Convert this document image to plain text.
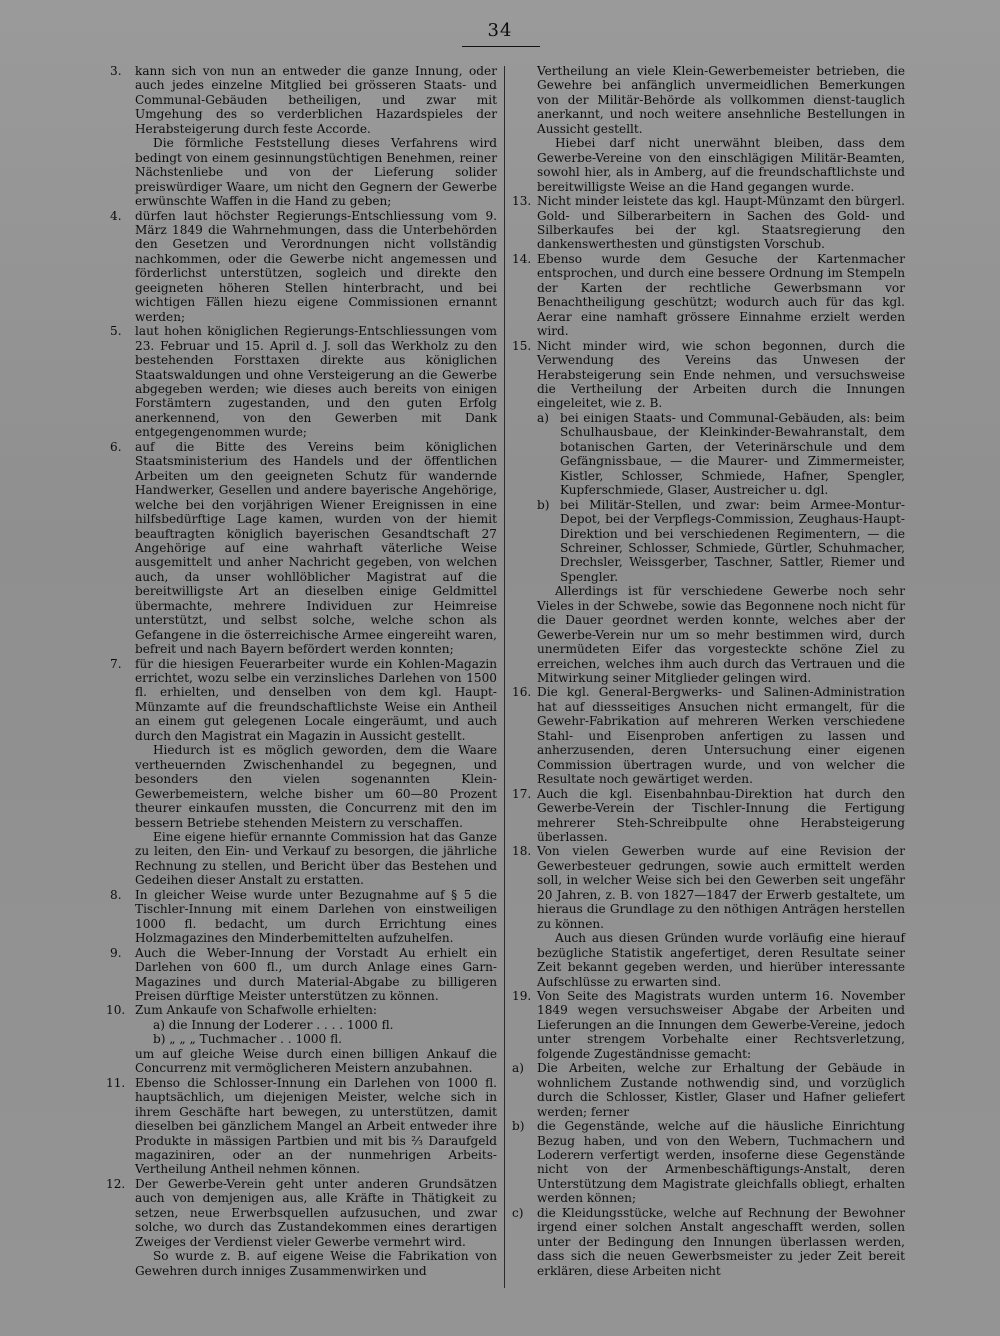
34
3.	kann sich von nun an entweder die ganze Innung, oder auch jedes einzelne Mitglied bei grösseren Staats- und Communal-Gebäuden betheiligen, und zwar mit Umgehung des so verderblichen Hazardspieles der Herabsteigerung durch feste Accorde.

Die förmliche Feststellung dieses Verfahrens wird bedingt von einem gesinnungstüchtigen Benehmen, reiner Nächstenliebe und von der Lieferung solider preiswürdiger Waare, um nicht den Gegnern der Gewerbe erwünschte Waffen in die Hand zu geben;

4.	dürfen laut höchster Regierungs-Entschliessung vom 9. März 1849 die Wahrnehmungen, dass die Unterbehörden den Gesetzen und Verordnungen nicht vollständig nachkommen, oder die Gewerbe nicht angemessen und förderlichst unterstützen, sogleich und direkte den geeigneten höheren Stellen hinterbracht, und bei wichtigen Fällen hiezu eigene Commissionen ernannt werden;

5.	laut hohen königlichen Regierungs-Entschliessungen vom 23. Februar und 15. April d. J. soll das Werkholz zu den bestehenden Forsttaxen direkte aus königlichen Staatswaldungen und ohne Versteigerung an die Gewerbe abgegeben werden; wie dieses auch bereits von einigen Forstämtern zugestanden, und den guten Erfolg anerkennend, von den Gewerben mit Dank entgegengenommen wurde;

6.	auf die Bitte des Vereins beim königlichen Staatsministerium des Handels und der öffentlichen Arbeiten um den geeigneten Schutz für wandernde Handwerker, Gesellen und andere bayerische Angehörige, welche bei den vorjährigen Wiener Ereignissen in eine hilfsbedürftige Lage kamen, wurden von der hiemit beauftragten königlich bayerischen Gesandtschaft 27 Angehörige auf eine wahrhaft väterliche Weise ausgemittelt und anher Nachricht gegeben, von welchen auch, da unser wohllöblicher Magistrat auf die bereitwilligste Art an dieselben einige Geldmittel übermachte, mehrere Individuen zur Heimreise unterstützt, und selbst solche, welche schon als Gefangene in die österreichische Armee eingereiht waren, befreit und nach Bayern befördert werden konnten;

7.	für die hiesigen Feuerarbeiter wurde ein Kohlen-Magazin errichtet, wozu selbe ein verzinsliches Darlehen von 1500 fl. erhielten, und denselben von dem kgl. Haupt-Münzamte auf die freundschaftlichste Weise ein Antheil an einem gut gelegenen Locale eingeräumt, und auch durch den Magistrat ein Magazin in Aussicht gestellt.

Hiedurch ist es möglich geworden, dem die Waare vertheuernden Zwischenhandel zu begegnen, und besonders den vielen sogenannten Klein-Gewerbemeistern, welche bisher um 60—80 Prozent theurer einkaufen mussten, die Concurrenz mit den im bessern Betriebe stehenden Meistern zu verschaffen.

Eine eigene hiefür ernannte Commission hat das Ganze zu leiten, den Ein- und Verkauf zu besorgen, die jährliche Rechnung zu stellen, und Bericht über das Bestehen und Gedeihen dieser Anstalt zu erstatten.

8.	In gleicher Weise wurde unter Bezugnahme auf § 5 die Tischler-Innung mit einem Darlehen von einstweiligen 1000 fl. bedacht, um durch Errichtung eines Holzmagazines den Minderbemittelten aufzuhelfen.

9.	Auch die Weber-Innung der Vorstadt Au erhielt ein Darlehen von 600 fl., um durch Anlage eines Garn-Magazines und durch Material-Abgabe zu billigeren Preisen dürftige Meister unterstützen zu können.

10. Zum Ankaufe von Schafwolle erhielten:

a) die Innung der Loderer . . . . 1000 fl.

b) „ „ „ Tuchmacher . . 1000 fl.

um auf gleiche Weise durch einen billigen Ankauf die Concurrenz mit vermöglicheren Meistern anzubahnen.

11. Ebenso die Schlosser-Innung ein Darlehen von 1000 fl. hauptsächlich, um diejenigen Meister, welche sich in ihrem Geschäfte hart bewegen, zu unterstützen, damit dieselben bei gänzlichem Mangel an Arbeit entweder ihre Produkte in mässigen Partbien und mit bis ⅔ Daraufgeld magaziniren, oder an der nunmehrigen Arbeits-Vertheilung Antheil nehmen können.

12. Der Gewerbe-Verein geht unter anderen Grundsätzen auch von demjenigen aus, alle Kräfte in Thätigkeit zu setzen, neue Erwerbsquellen aufzusuchen, und zwar solche, wo durch das Zustandekommen eines derartigen Zweiges der Verdienst vieler Gewerbe vermehrt wird.

So wurde z. B. auf eigene Weise die Fabrikation von Gewehren durch inniges Zusammenwirken und

Vertheilung an viele Klein-Gewerbemeister betrieben, die Gewehre bei anfänglich unvermeidlichen Bemerkungen von der Militär-Behörde als vollkommen dienst-tauglich anerkannt, und noch weitere ansehnliche Bestellungen in Aussicht gestellt.

Hiebei darf nicht unerwähnt bleiben, dass dem Gewerbe-Vereine von den einschlägigen Militär-Beamten, sowohl hier, als in Amberg, auf die freundschaftlichste und bereitwilligste Weise an die Hand gegangen wurde.

13. Nicht minder leistete das kgl. Haupt-Münzamt den bürgerl. Gold- und Silberarbeitern in Sachen des Gold- und Silberkaufes bei der kgl. Staatsregierung den dankenswerthesten und günstigsten Vorschub.

14. Ebenso wurde dem Gesuche der Kartenmacher entsprochen, und durch eine bessere Ordnung im Stempeln der Karten der rechtliche Gewerbsmann vor Benachtheiligung geschützt; wodurch auch für das kgl. Aerar eine namhaft grössere Einnahme erzielt werden wird.

15. Nicht minder wird, wie schon begonnen, durch die Verwendung des Vereins das Unwesen der Herabsteigerung sein Ende nehmen, und versuchsweise die Vertheilung der Arbeiten durch die Innungen eingeleitet, wie z. B.

a) bei einigen Staats- und Communal-Gebäuden, als: beim Schulhausbaue, der Kleinkinder-Bewahranstalt, dem botanischen Garten, der Veterinärschule und dem Gefängnissbaue, — die Maurer- und Zimmermeister, Kistler, Schlosser, Schmiede, Hafner, Spengler, Kupferschmiede, Glaser, Austreicher u. dgl.

b) bei Militär-Stellen, und zwar: beim Armee-Montur-Depot, bei der Verpflegs-Commission, Zeughaus-Haupt-Direktion und bei verschiedenen Regimentern, — die Schreiner, Schlosser, Schmiede, Gürtler, Schuhmacher, Drechsler, Weissgerber, Taschner, Sattler, Riemer und Spengler.

Allerdings ist für verschiedene Gewerbe noch sehr Vieles in der Schwebe, sowie das Begonnene noch nicht für die Dauer geordnet werden konnte, welches aber der Gewerbe-Verein nur um so mehr bestimmen wird, durch unermüdeten Eifer das vorgesteckte schöne Ziel zu erreichen, welches ihm auch durch das Vertrauen und die Mitwirkung seiner Mitglieder gelingen wird.

16. Die kgl. General-Bergwerks- und Salinen-Administration hat auf diessseitiges Ansuchen nicht ermangelt, für die Gewehr-Fabrikation auf mehreren Werken verschiedene Stahl- und Eisenproben anfertigen zu lassen und anherzusenden, deren Untersuchung einer eigenen Commission übertragen wurde, und von welcher die Resultate noch gewärtiget werden.

17. Auch die kgl. Eisenbahnbau-Direktion hat durch den Gewerbe-Verein der Tischler-Innung die Fertigung mehrerer Steh-Schreibpulte ohne Herabsteigerung überlassen.

18. Von vielen Gewerben wurde auf eine Revision der Gewerbesteuer gedrungen, sowie auch ermittelt werden soll, in welcher Weise sich bei den Gewerben seit ungefähr 20 Jahren, z. B. von 1827—1847 der Erwerb gestaltete, um hieraus die Grundlage zu den nöthigen Anträgen herstellen zu können.

Auch aus diesen Gründen wurde vorläufig eine hierauf bezügliche Statistik angefertiget, deren Resultate seiner Zeit bekannt gegeben werden, und hierüber interessante Aufschlüsse zu erwarten sind.

19. Von Seite des Magistrats wurden unterm 16. November 1849 wegen versuchsweiser Abgabe der Arbeiten und Lieferungen an die Innungen dem Gewerbe-Vereine, jedoch unter strengem Vorbehalte einer Rechtsverletzung, folgende Zugeständnisse gemacht:

a)	Die Arbeiten, welche zur Erhaltung der Gebäude in wohnlichem Zustande nothwendig sind, und vorzüglich durch die Schlosser, Kistler, Glaser und Hafner geliefert werden; ferner

b)	die Gegenstände, welche auf die häusliche Einrichtung Bezug haben, und von den Webern, Tuchmachern und Loderern verfertigt werden, insoferne diese Gegenstände nicht von der Armenbeschäftigungs-Anstalt, deren Unterstützung dem Magistrate gleichfalls obliegt, erhalten werden können;

c)	die Kleidungsstücke, welche auf Rechnung der Bewohner irgend einer solchen Anstalt angeschafft werden, sollen unter der Bedingung den Innungen überlassen werden, dass sich die neuen Gewerbsmeister zu jeder Zeit bereit erklären, diese Arbeiten nicht
